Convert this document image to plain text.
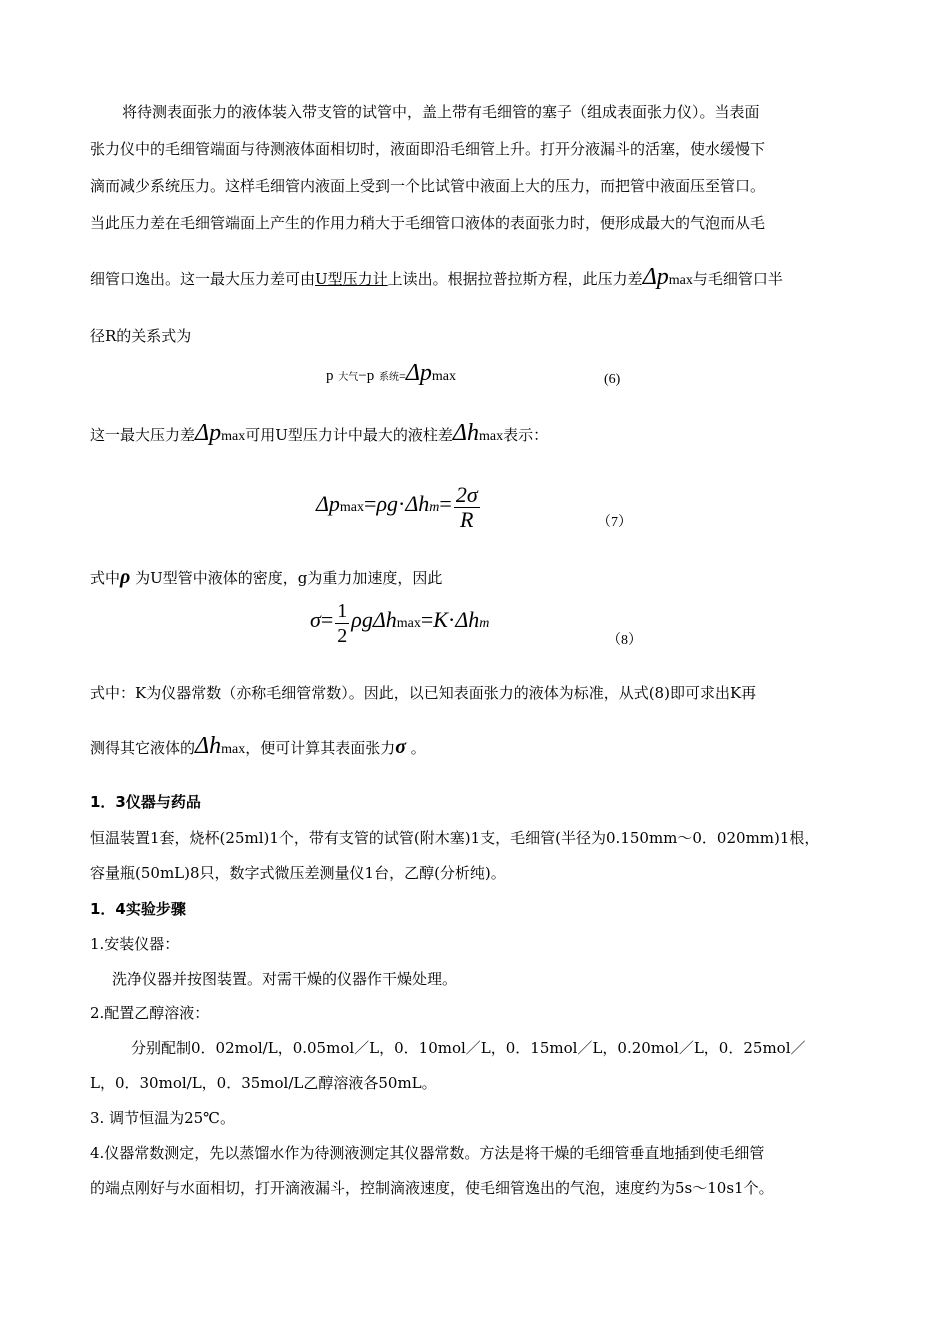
将待测表面张力的液体装入带支管的试管中，盖上带有毛细管的塞子（组成表面张力仪）。当表面
张力仪中的毛细管端面与待测液体面相切时，液面即沿毛细管上升。打开分液漏斗的活塞，使水缓慢下
滴而减少系统压力。这样毛细管内液面上受到一个比试管中液面上大的压力，而把管中液面压至管口。
当此压力差在毛细管端面上产生的作用力稍大于毛细管口液体的表面张力时，便形成最大的气泡而从毛
细管口逸出。这一最大压力差可由U型压力计上读出。根据拉普拉斯方程，此压力差Δpmax与毛细管口半
径R的关系式为
p 大气−p 系统=Δpmax	(6)
这一最大压力差Δpmax可用U型压力计中最大的液柱差Δhmax表示：
$\Delta pmax=\rho g\cdot\Delta hm= \frac{2\sigma}{R}$	（7）
式中ρ 为U型管中液体的密度，g为重力加速度，因此
$\sigma= \frac{1}{2} \rho g\Delta hmax=K\cdot\Delta hm$
（8）
式中：K为仪器常数（亦称毛细管常数）。因此，以已知表面张力的液体为标准，从式(8)即可求出K再
测得其它液体的Δhmax，便可计算其表面张力σ 。
1．3仪器与药品
恒温装置1套，烧杯(25ml)1个，带有支管的试管(附木塞)1支，毛细管(半径为0.150mm～0．020mm)1根，
容量瓶(50mL)8只，数字式微压差测量仪1台，乙醇(分析纯)。
1．4实验步骤
1.安装仪器：
洗净仪器并按图装置。对需干燥的仪器作干燥处理。
2.配置乙醇溶液：
分别配制0．02mol/L，0.05mol／L，0．10mol／L，0．15mol／L，0.20mol／L，0．25mol／
L，0．30mol/L，0．35mol/L乙醇溶液各50mL。
3. 调节恒温为25℃。
4.仪器常数测定，先以蒸馏水作为待测液测定其仪器常数。方法是将干燥的毛细管垂直地插到使毛细管
的端点刚好与水面相切，打开滴液漏斗，控制滴液速度，使毛细管逸出的气泡，速度约为5s～10s1个。
